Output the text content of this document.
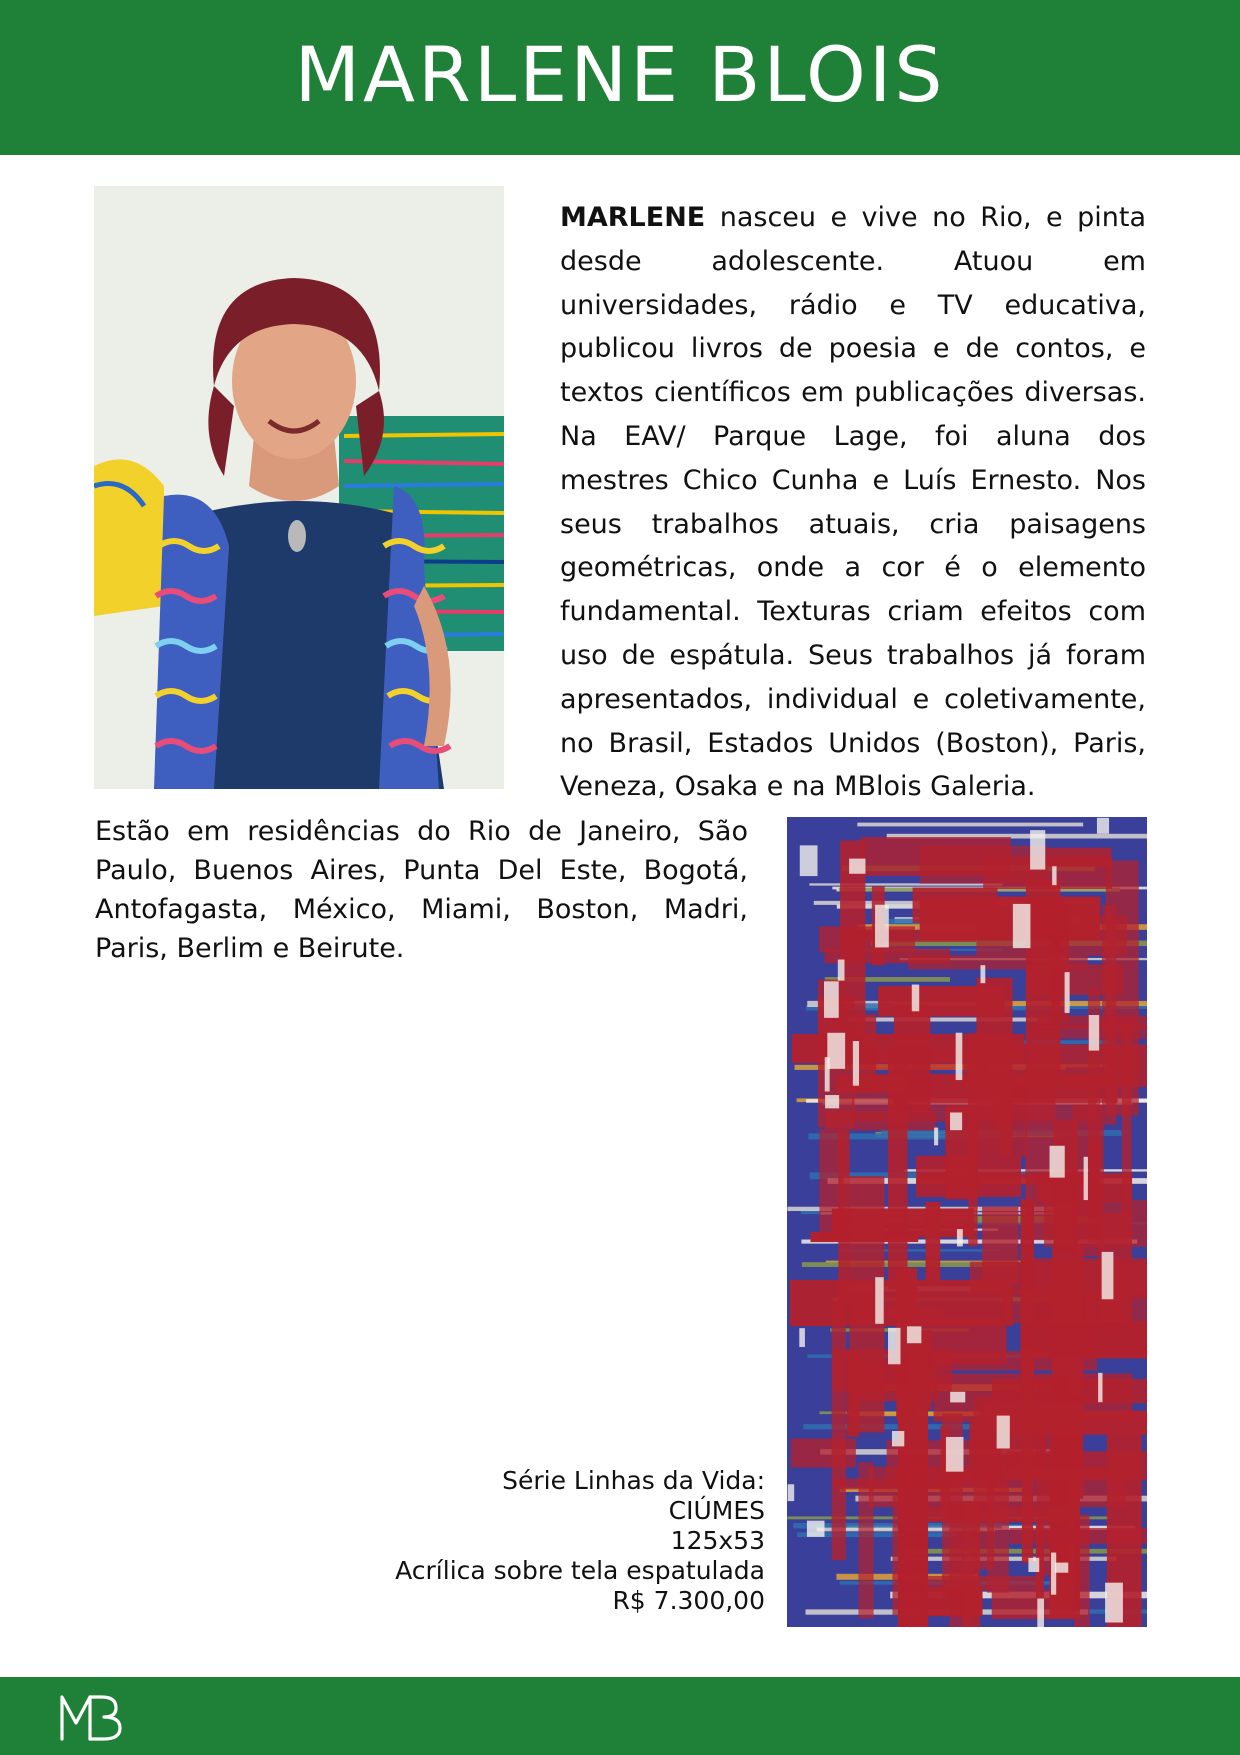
MARLENE BLOIS

MARLENE nasceu e vive no Rio, e pinta desde adolescente. Atuou em universidades, rádio e TV educativa, publicou livros de poesia e de contos, e textos científicos em publicações diversas. Na EAV/ Parque Lage, foi aluna dos mestres Chico Cunha e Luís Ernesto. Nos seus trabalhos atuais, cria paisagens geométricas, onde a cor é o elemento fundamental. Texturas criam efeitos com uso de espátula. Seus trabalhos já foram apresentados, individual e coletivamente, no Brasil, Estados Unidos (Boston), Paris, Veneza, Osaka e na MBlois Galeria.

Estão em residências do Rio de Janeiro, São Paulo, Buenos Aires, Punta Del Este, Bogotá, Antofagasta, México, Miami, Boston, Madri, Paris, Berlim e Beirute.

Série Linhas da Vida:
CIÚMES
125x53
Acrílica sobre tela espatulada
R$ 7.300,00
